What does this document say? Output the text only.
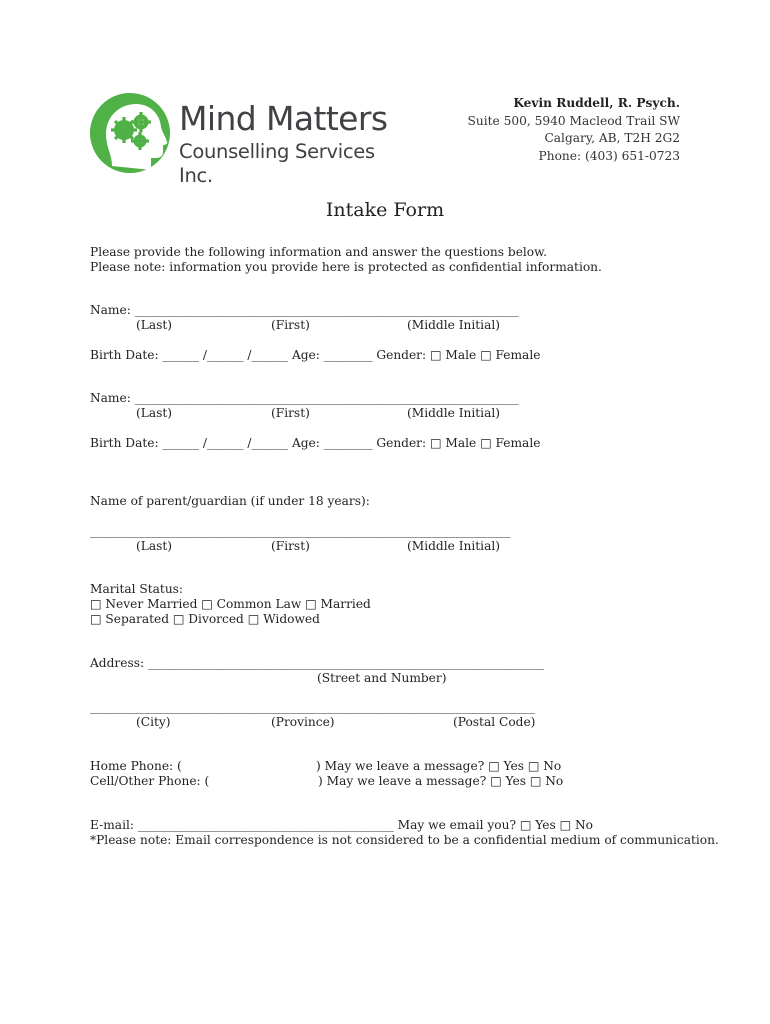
Mind Matters
Counselling Services Inc.
Kevin Ruddell, R. Psych.
Suite 500, 5940 Macleod Trail SW
Calgary, AB, T2H 2G2
Phone: (403) 651-0723
Intake Form
Please provide the following information and answer the questions below.
Please note: information you provide here is protected as confidential information.
Name: _______________________________________________________________
(Last)	(First)	(Middle Initial)
Birth Date: ______ /______ /______ Age: ________ Gender: □ Male □ Female
Name: _______________________________________________________________
(Last)	(First)	(Middle Initial)
Birth Date: ______ /______ /______ Age: ________ Gender: □ Male □ Female
Name of parent/guardian (if under 18 years):
_____________________________________________________________________
(Last)	(First)	(Middle Initial)
Marital Status:
□ Never Married □ Common Law □ Married
□ Separated □ Divorced □ Widowed
Address: _________________________________________________________________
(Street and Number)
_________________________________________________________________________
(City)	(Province)	(Postal Code)
Home Phone: (	) May we leave a message? □ Yes □ No
Cell/Other Phone: (	) May we leave a message? □ Yes □ No
E-mail: __________________________________________ May we email you? □ Yes □ No
*Please note: Email correspondence is not considered to be a confidential medium of communication.
